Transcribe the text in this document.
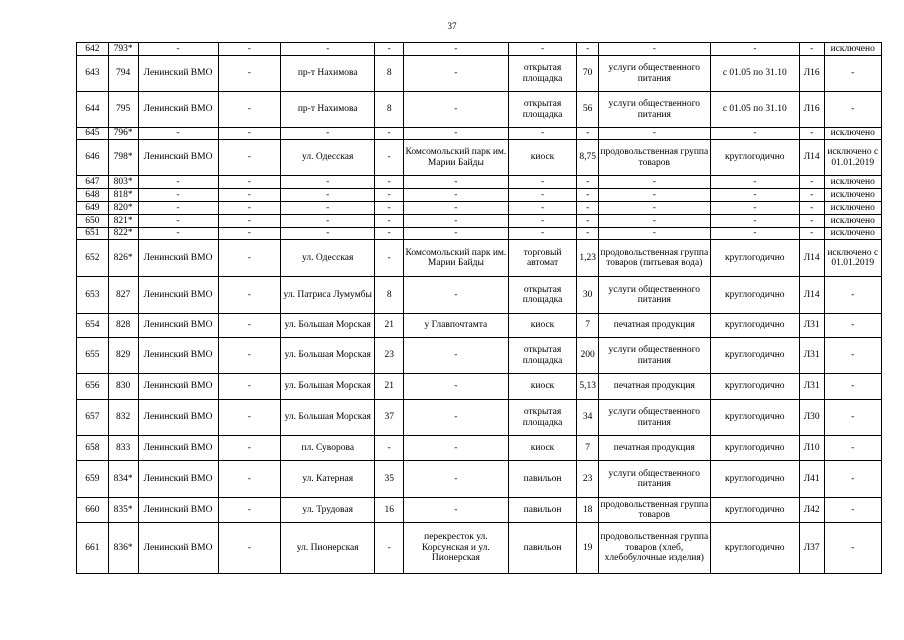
37
642	793*	-	-	-	-	-	-	-	-	-	-	исключено
643	794	Ленинский ВМО	-	пр-т Нахимова	8	-	открытая площадка	70	услуги общественного питания	с 01.05 по 31.10	Л16	-
644	795	Ленинский ВМО	-	пр-т Нахимова	8	-	открытая площадка	56	услуги общественного питания	с 01.05 по 31.10	Л16	-
645	796*	-	-	-	-	-	-	-	-	-	-	исключено
646	798*	Ленинский ВМО	-	ул. Одесская	-	Комсомольский парк им. Марии Байды	киоск	8,75	продовольственная группа товаров	круглогодично	Л14	исключено с 01.01.2019
647	803*	-	-	-	-	-	-	-	-	-	-	исключено
648	818*	-	-	-	-	-	-	-	-	-	-	исключено
649	820*	-	-	-	-	-	-	-	-	-	-	исключено
650	821*	-	-	-	-	-	-	-	-	-	-	исключено
651	822*	-	-	-	-	-	-	-	-	-	-	исключено
652	826*	Ленинский ВМО	-	ул. Одесская	-	Комсомольский парк им. Марии Байды	торговый автомат	1,23	продовольственная группа товаров (питьевая вода)	круглогодично	Л14	исключено с 01.01.2019
653	827	Ленинский ВМО	-	ул. Патриса Лумумбы	8	-	открытая площадка	30	услуги общественного питания	круглогодично	Л14	-
654	828	Ленинский ВМО	-	ул. Большая Морская	21	у Главпочтамта	киоск	7	печатная продукция	круглогодично	Л31	-
655	829	Ленинский ВМО	-	ул. Большая Морская	23	-	открытая площадка	200	услуги общественного питания	круглогодично	Л31	-
656	830	Ленинский ВМО	-	ул. Большая Морская	21	-	киоск	5,13	печатная продукция	круглогодично	Л31	-
657	832	Ленинский ВМО	-	ул. Большая Морская	37	-	открытая площадка	34	услуги общественного питания	круглогодично	Л30	-
658	833	Ленинский ВМО	-	пл. Суворова	-	-	киоск	7	печатная продукция	круглогодично	Л10	-
659	834*	Ленинский ВМО	-	ул. Катерная	35	-	павильон	23	услуги общественного питания	круглогодично	Л41	-
660	835*	Ленинский ВМО	-	ул. Трудовая	16	-	павильон	18	продовольственная группа товаров	круглогодично	Л42	-
661	836*	Ленинский ВМО	-	ул. Пионерская	-	перекресток ул. Корсунская и ул. Пионерская	павильон	19	продовольственная группа товаров (хлеб, хлебобулочные изделия)	круглогодично	Л37	-
